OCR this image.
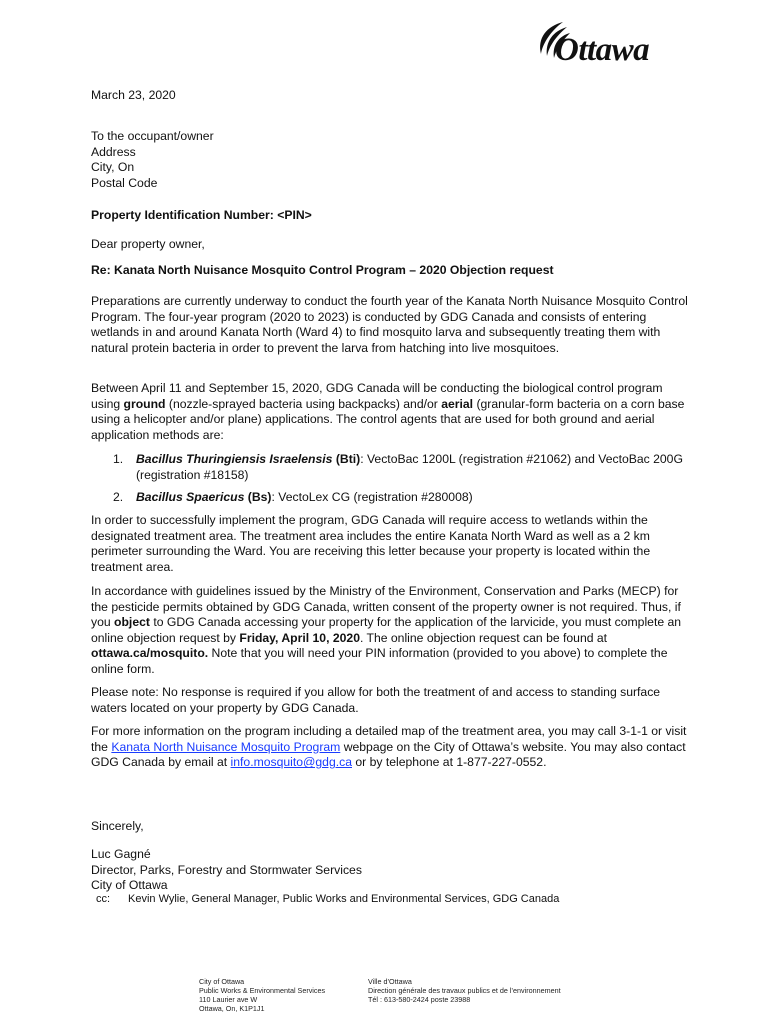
Ottawa
March 23, 2020
To the occupant/owner
Address
City, On
Postal Code
Property Identification Number: <PIN>
Dear property owner,
Re: Kanata North Nuisance Mosquito Control Program – 2020 Objection request
Preparations are currently underway to conduct the fourth year of the Kanata North Nuisance Mosquito Control Program. The four-year program (2020 to 2023) is conducted by GDG Canada and consists of entering wetlands in and around Kanata North (Ward 4) to find mosquito larva and subsequently treating them with natural protein bacteria in order to prevent the larva from hatching into live mosquitoes.
Between April 11 and September 15, 2020, GDG Canada will be conducting the biological control program using ground (nozzle-sprayed bacteria using backpacks) and/or aerial (granular-form bacteria on a corn base using a helicopter and/or plane) applications. The control agents that are used for both ground and aerial application methods are:
1. Bacillus Thuringiensis Israelensis (Bti): VectoBac 1200L (registration #21062) and VectoBac 200G (registration #18158)
2. Bacillus Spaericus (Bs): VectoLex CG (registration #280008)
In order to successfully implement the program, GDG Canada will require access to wetlands within the designated treatment area. The treatment area includes the entire Kanata North Ward as well as a 2 km perimeter surrounding the Ward. You are receiving this letter because your property is located within the treatment area.
In accordance with guidelines issued by the Ministry of the Environment, Conservation and Parks (MECP) for the pesticide permits obtained by GDG Canada, written consent of the property owner is not required. Thus, if you object to GDG Canada accessing your property for the application of the larvicide, you must complete an online objection request by Friday, April 10, 2020. The online objection request can be found at ottawa.ca/mosquito. Note that you will need your PIN information (provided to you above) to complete the online form.
Please note: No response is required if you allow for both the treatment of and access to standing surface waters located on your property by GDG Canada.
For more information on the program including a detailed map of the treatment area, you may call 3-1-1 or visit the Kanata North Nuisance Mosquito Program webpage on the City of Ottawa’s website. You may also contact GDG Canada by email at info.mosquito@gdg.ca or by telephone at 1-877-227-0552.
Sincerely,
Luc Gagné
Director, Parks, Forestry and Stormwater Services
City of Ottawa
cc: Kevin Wylie, General Manager, Public Works and Environmental Services, GDG Canada
City of Ottawa
Public Works & Environmental Services
110 Laurier ave W
Ottawa, On, K1P1J1
Ville d’Ottawa
Direction générale des travaux publics et de l’environnement
Tél : 613-580-2424 poste 23988
